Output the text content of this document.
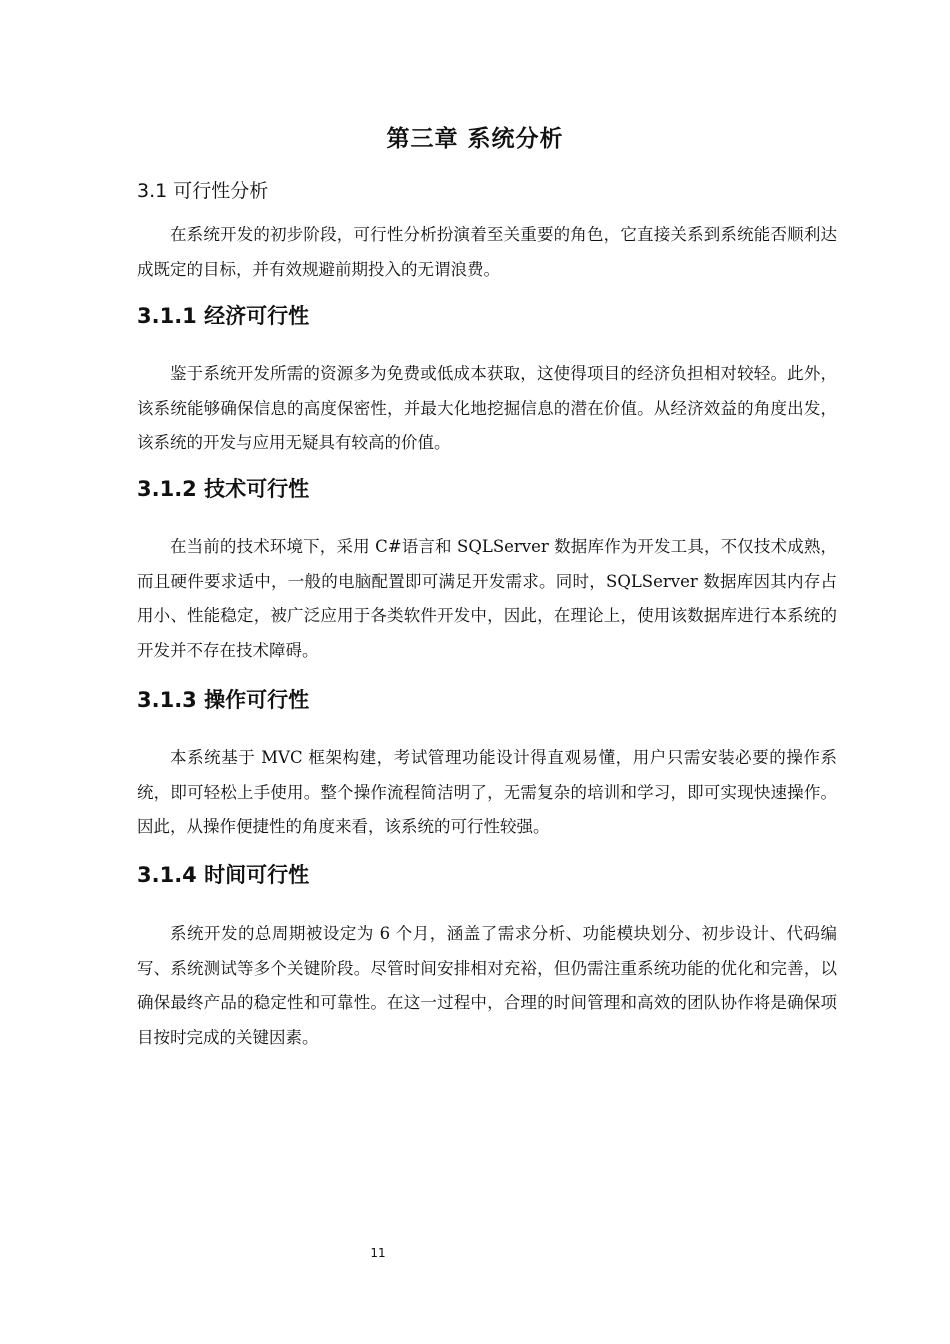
第三章 系统分析
3.1 可行性分析
在系统开发的初步阶段，可行性分析扮演着至关重要的角色，它直接关系到系统能否顺利达成既定的目标，并有效规避前期投入的无谓浪费。
3.1.1 经济可行性
鉴于系统开发所需的资源多为免费或低成本获取，这使得项目的经济负担相对较轻。此外，该系统能够确保信息的高度保密性，并最大化地挖掘信息的潜在价值。从经济效益的角度出发，该系统的开发与应用无疑具有较高的价值。
3.1.2 技术可行性
在当前的技术环境下，采用 C#语言和 SQLServer 数据库作为开发工具，不仅技术成熟，而且硬件要求适中，一般的电脑配置即可满足开发需求。同时，SQLServer 数据库因其内存占用小、性能稳定，被广泛应用于各类软件开发中，因此，在理论上，使用该数据库进行本系统的开发并不存在技术障碍。
3.1.3 操作可行性
本系统基于 MVC 框架构建，考试管理功能设计得直观易懂，用户只需安装必要的操作系统，即可轻松上手使用。整个操作流程简洁明了，无需复杂的培训和学习，即可实现快速操作。因此，从操作便捷性的角度来看，该系统的可行性较强。
3.1.4 时间可行性
系统开发的总周期被设定为 6 个月，涵盖了需求分析、功能模块划分、初步设计、代码编写、系统测试等多个关键阶段。尽管时间安排相对充裕，但仍需注重系统功能的优化和完善，以确保最终产品的稳定性和可靠性。在这一过程中，合理的时间管理和高效的团队协作将是确保项目按时完成的关键因素。
11
